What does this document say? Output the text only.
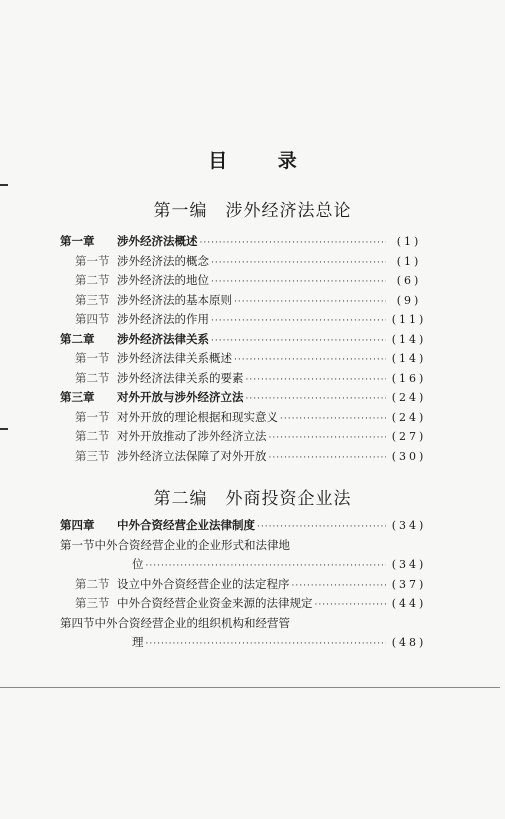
目 录
第一编　涉外经济法总论
第一章	涉外经济法概述 ·····	(1)
第一节 涉外经济法的概念 ·····	(1)
第二节 涉外经济法的地位 ·····	(6)
第三节 涉外经济法的基本原则 ·····	(9)
第四节 涉外经济法的作用 ·····	(11)
第二章	涉外经济法律关系 ·····	(14)
第一节 涉外经济法律关系概述 ·····	(14)
第二节 涉外经济法律关系的要素 ·····	(16)
第三章	对外开放与涉外经济立法 ·····	(24)
第一节 对外开放的理论根据和现实意义 ·····	(24)
第二节 对外开放推动了涉外经济立法 ·····	(27)
第三节 涉外经济立法保障了对外开放 ·····	(30)
第二编　外商投资企业法
第四章	中外合资经营企业法律制度 ·····	(34)
第一节 中外合资经营企业的企业形式和法律地
位 ·····	(34)
第二节 设立中外合资经营企业的法定程序 ·····	(37)
第三节 中外合资经营企业资金来源的法律规定 ·····	(44)
第四节 中外合资经营企业的组织机构和经营管
理 ·····	(48)
